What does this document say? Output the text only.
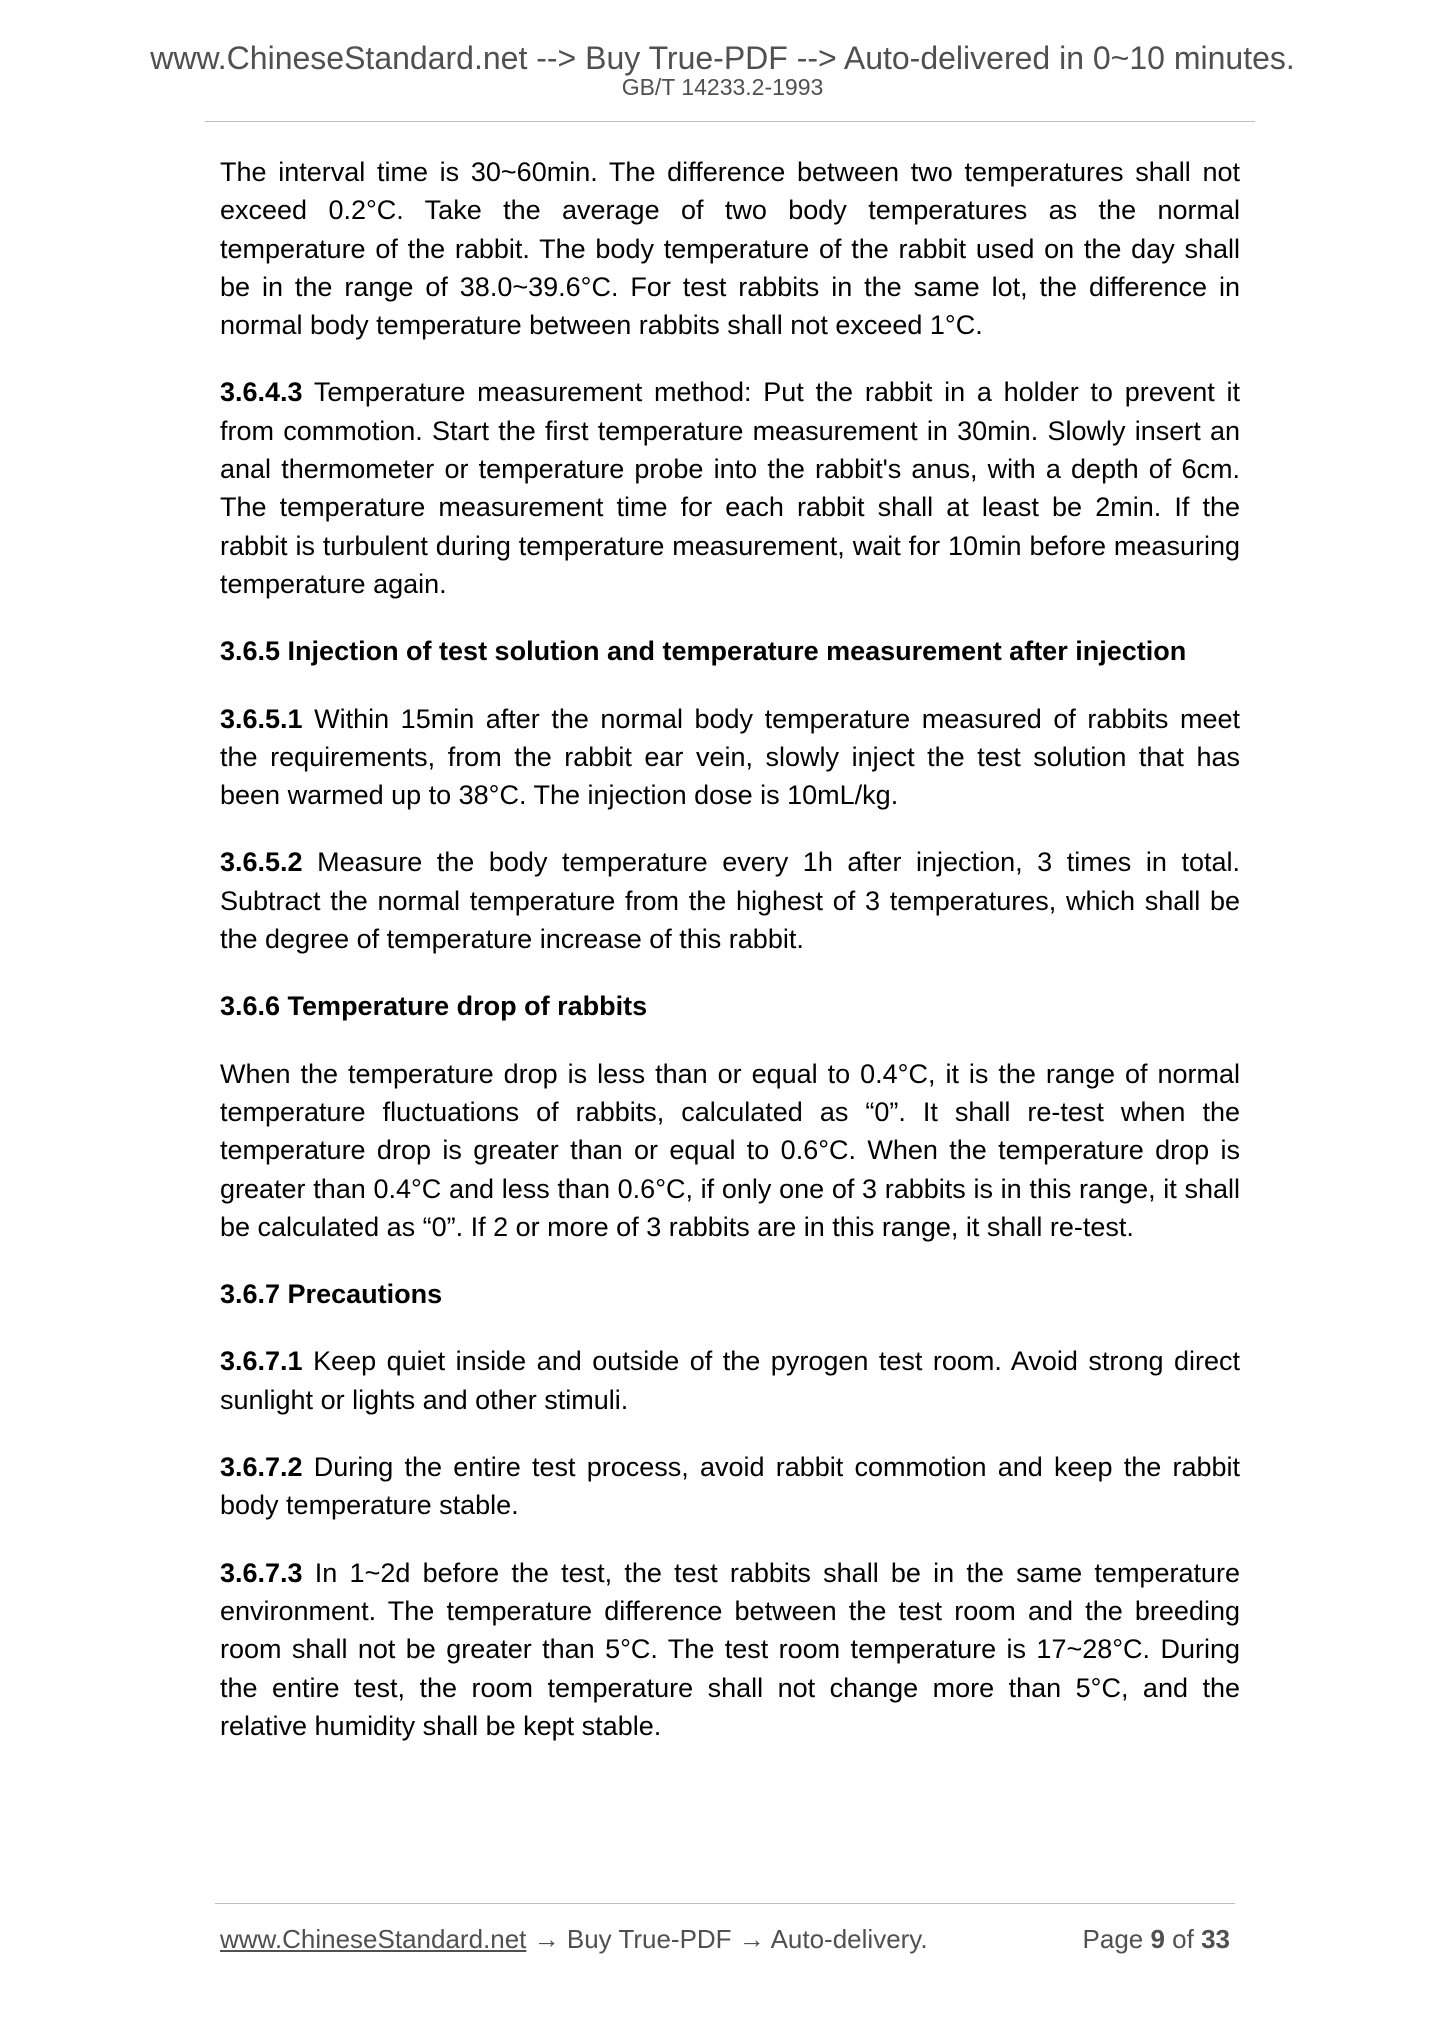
www.ChineseStandard.net --> Buy True-PDF --> Auto-delivered in 0~10 minutes.
GB/T 14233.2-1993

The interval time is 30~60min. The difference between two temperatures shall not exceed 0.2°C. Take the average of two body temperatures as the normal temperature of the rabbit. The body temperature of the rabbit used on the day shall be in the range of 38.0~39.6°C. For test rabbits in the same lot, the difference in normal body temperature between rabbits shall not exceed 1°C.

3.6.4.3 Temperature measurement method: Put the rabbit in a holder to prevent it from commotion. Start the first temperature measurement in 30min. Slowly insert an anal thermometer or temperature probe into the rabbit's anus, with a depth of 6cm. The temperature measurement time for each rabbit shall at least be 2min. If the rabbit is turbulent during temperature measurement, wait for 10min before measuring temperature again.

3.6.5 Injection of test solution and temperature measurement after injection

3.6.5.1 Within 15min after the normal body temperature measured of rabbits meet the requirements, from the rabbit ear vein, slowly inject the test solution that has been warmed up to 38°C. The injection dose is 10mL/kg.

3.6.5.2 Measure the body temperature every 1h after injection, 3 times in total. Subtract the normal temperature from the highest of 3 temperatures, which shall be the degree of temperature increase of this rabbit.

3.6.6 Temperature drop of rabbits

When the temperature drop is less than or equal to 0.4°C, it is the range of normal temperature fluctuations of rabbits, calculated as “0”. It shall re-test when the temperature drop is greater than or equal to 0.6°C. When the temperature drop is greater than 0.4°C and less than 0.6°C, if only one of 3 rabbits is in this range, it shall be calculated as “0”. If 2 or more of 3 rabbits are in this range, it shall re-test.

3.6.7 Precautions

3.6.7.1 Keep quiet inside and outside of the pyrogen test room. Avoid strong direct sunlight or lights and other stimuli.

3.6.7.2 During the entire test process, avoid rabbit commotion and keep the rabbit body temperature stable.

3.6.7.3 In 1~2d before the test, the test rabbits shall be in the same temperature environment. The temperature difference between the test room and the breeding room shall not be greater than 5°C. The test room temperature is 17~28°C. During the entire test, the room temperature shall not change more than 5°C, and the relative humidity shall be kept stable.

www.ChineseStandard.net → Buy True-PDF → Auto-delivery.	Page 9 of 33
